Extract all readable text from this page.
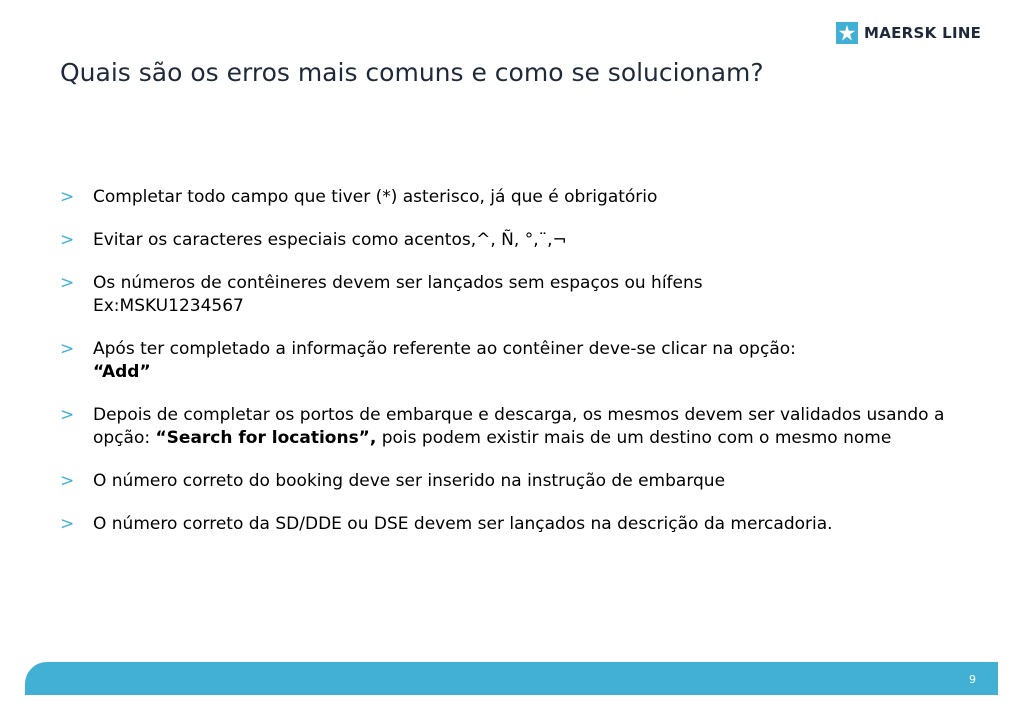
MAERSK LINE
Quais são os erros mais comuns e como se solucionam?
> Completar todo campo que tiver (*) asterisco, já que é obrigatório
> Evitar os caracteres especiais como acentos,^, Ñ, °,¨,¬
> Os números de contêineres devem ser lançados sem espaços ou hífens
Ex:MSKU1234567
> Após ter completado a informação referente ao contêiner deve-se clicar na opção:
“Add”
> Depois de completar os portos de embarque e descarga, os mesmos devem ser validados usando a opção: “Search for locations”, pois podem existir mais de um destino com o mesmo nome
> O número correto do booking deve ser inserido na instrução de embarque
> O número correto da SD/DDE ou DSE devem ser lançados na descrição da mercadoria.
9
